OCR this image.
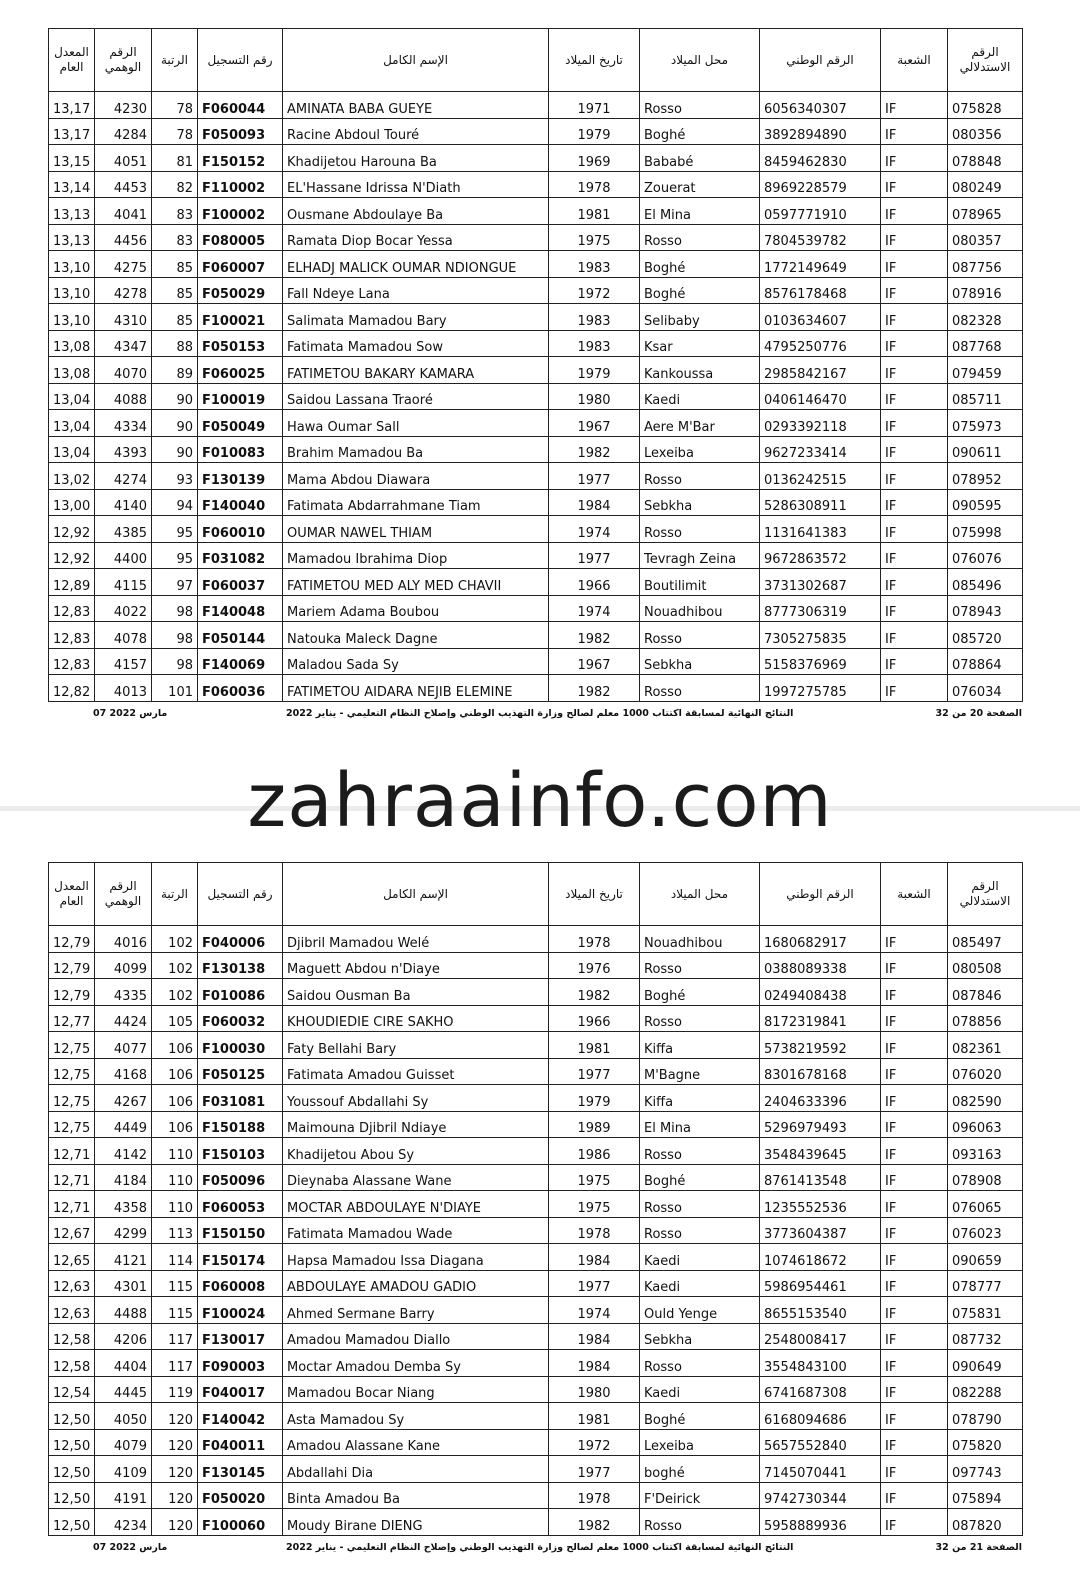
المعدل العام	الرقم الوهمي	الرتبة	رقم التسجيل	الإسم الكامل	تاريخ الميلاد	محل الميلاد	الرقم الوطني	الشعبة	الرقم الاستدلالي
13,17	4230	78	F060044	AMINATA BABA GUEYE	1971	Rosso	6056340307	IF	075828
13,17	4284	78	F050093	Racine Abdoul Touré	1979	Boghé	3892894890	IF	080356
13,15	4051	81	F150152	Khadijetou Harouna Ba	1969	Bababé	8459462830	IF	078848
13,14	4453	82	F110002	EL'Hassane Idrissa N'Diath	1978	Zouerat	8969228579	IF	080249
13,13	4041	83	F100002	Ousmane Abdoulaye Ba	1981	El Mina	0597771910	IF	078965
13,13	4456	83	F080005	Ramata Diop Bocar Yessa	1975	Rosso	7804539782	IF	080357
13,10	4275	85	F060007	ELHADJ MALICK OUMAR NDIONGUE	1983	Boghé	1772149649	IF	087756
13,10	4278	85	F050029	Fall Ndeye Lana	1972	Boghé	8576178468	IF	078916
13,10	4310	85	F100021	Salimata Mamadou Bary	1983	Selibaby	0103634607	IF	082328
13,08	4347	88	F050153	Fatimata Mamadou Sow	1983	Ksar	4795250776	IF	087768
13,08	4070	89	F060025	FATIMETOU BAKARY KAMARA	1979	Kankoussa	2985842167	IF	079459
13,04	4088	90	F100019	Saidou Lassana Traoré	1980	Kaedi	0406146470	IF	085711
13,04	4334	90	F050049	Hawa Oumar Sall	1967	Aere M'Bar	0293392118	IF	075973
13,04	4393	90	F010083	Brahim Mamadou Ba	1982	Lexeiba	9627233414	IF	090611
13,02	4274	93	F130139	Mama Abdou Diawara	1977	Rosso	0136242515	IF	078952
13,00	4140	94	F140040	Fatimata Abdarrahmane Tiam	1984	Sebkha	5286308911	IF	090595
12,92	4385	95	F060010	OUMAR NAWEL THIAM	1974	Rosso	1131641383	IF	075998
12,92	4400	95	F031082	Mamadou Ibrahima Diop	1977	Tevragh Zeina	9672863572	IF	076076
12,89	4115	97	F060037	FATIMETOU MED ALY MED CHAVII	1966	Boutilimit	3731302687	IF	085496
12,83	4022	98	F140048	Mariem Adama Boubou	1974	Nouadhibou	8777306319	IF	078943
12,83	4078	98	F050144	Natouka Maleck Dagne	1982	Rosso	7305275835	IF	085720
12,83	4157	98	F140069	Maladou Sada Sy	1967	Sebkha	5158376969	IF	078864
12,82	4013	101	F060036	FATIMETOU AIDARA NEJIB ELEMINE	1982	Rosso	1997275785	IF	076034
07 مارس 2022	النتائج النهائية لمسابقة اكتتاب 1000 معلم لصالح وزارة التهذيب الوطني وإصلاح النظام التعليمي - يناير 2022	الصفحة 20 من 32
zahraainfo.com
المعدل العام	الرقم الوهمي	الرتبة	رقم التسجيل	الإسم الكامل	تاريخ الميلاد	محل الميلاد	الرقم الوطني	الشعبة	الرقم الاستدلالي
12,79	4016	102	F040006	Djibril Mamadou Welé	1978	Nouadhibou	1680682917	IF	085497
12,79	4099	102	F130138	Maguett Abdou n'Diaye	1976	Rosso	0388089338	IF	080508
12,79	4335	102	F010086	Saidou Ousman Ba	1982	Boghé	0249408438	IF	087846
12,77	4424	105	F060032	KHOUDIEDIE CIRE SAKHO	1966	Rosso	8172319841	IF	078856
12,75	4077	106	F100030	Faty Bellahi Bary	1981	Kiffa	5738219592	IF	082361
12,75	4168	106	F050125	Fatimata Amadou Guisset	1977	M'Bagne	8301678168	IF	076020
12,75	4267	106	F031081	Youssouf Abdallahi Sy	1979	Kiffa	2404633396	IF	082590
12,75	4449	106	F150188	Maimouna Djibril Ndiaye	1989	El Mina	5296979493	IF	096063
12,71	4142	110	F150103	Khadijetou Abou Sy	1986	Rosso	3548439645	IF	093163
12,71	4184	110	F050096	Dieynaba Alassane Wane	1975	Boghé	8761413548	IF	078908
12,71	4358	110	F060053	MOCTAR ABDOULAYE N'DIAYE	1975	Rosso	1235552536	IF	076065
12,67	4299	113	F150150	Fatimata Mamadou Wade	1978	Rosso	3773604387	IF	076023
12,65	4121	114	F150174	Hapsa Mamadou Issa Diagana	1984	Kaedi	1074618672	IF	090659
12,63	4301	115	F060008	ABDOULAYE AMADOU GADIO	1977	Kaedi	5986954461	IF	078777
12,63	4488	115	F100024	Ahmed Sermane Barry	1974	Ould Yenge	8655153540	IF	075831
12,58	4206	117	F130017	Amadou Mamadou Diallo	1984	Sebkha	2548008417	IF	087732
12,58	4404	117	F090003	Moctar Amadou Demba Sy	1984	Rosso	3554843100	IF	090649
12,54	4445	119	F040017	Mamadou Bocar Niang	1980	Kaedi	6741687308	IF	082288
12,50	4050	120	F140042	Asta Mamadou Sy	1981	Boghé	6168094686	IF	078790
12,50	4079	120	F040011	Amadou Alassane Kane	1972	Lexeiba	5657552840	IF	075820
12,50	4109	120	F130145	Abdallahi Dia	1977	boghé	7145070441	IF	097743
12,50	4191	120	F050020	Binta Amadou Ba	1978	F'Deirick	9742730344	IF	075894
12,50	4234	120	F100060	Moudy Birane DIENG	1982	Rosso	5958889936	IF	087820
07 مارس 2022	النتائج النهائية لمسابقة اكتتاب 1000 معلم لصالح وزارة التهذيب الوطني وإصلاح النظام التعليمي - يناير 2022	الصفحة 21 من 32
